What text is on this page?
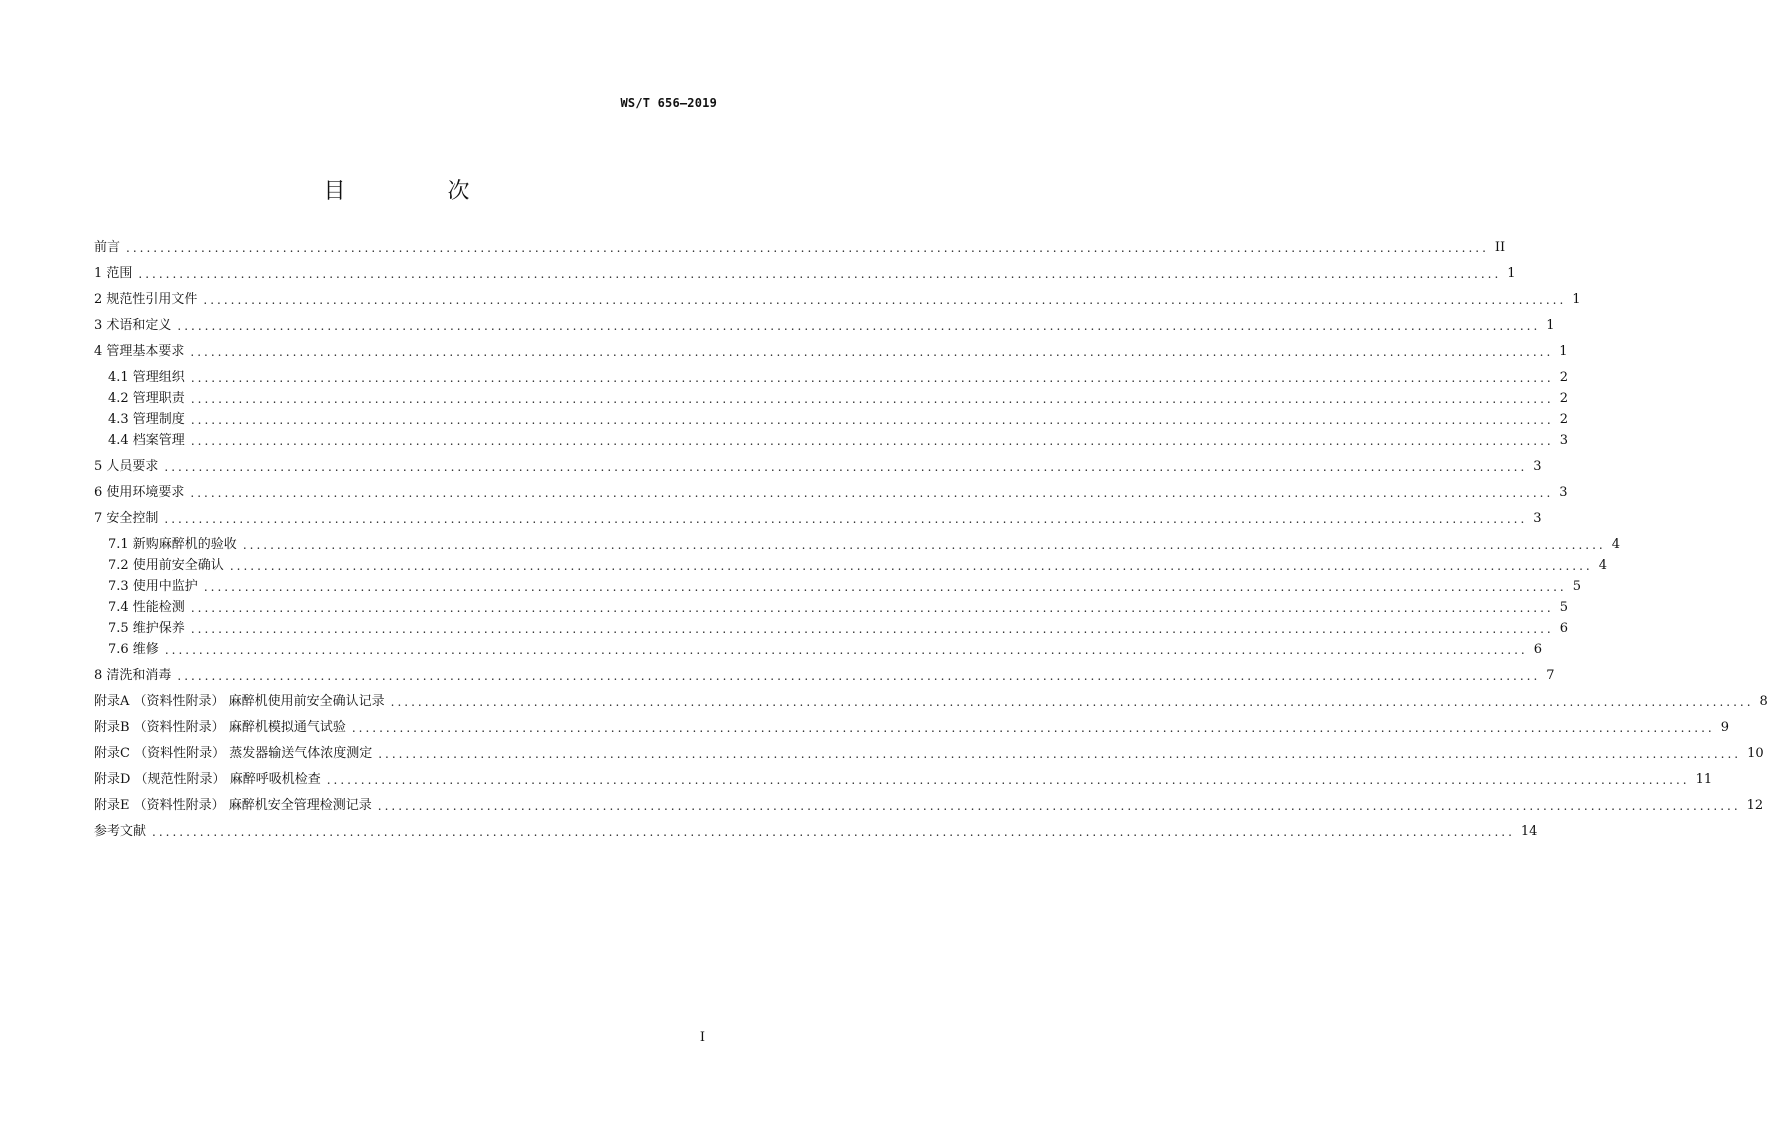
WS/T 656—2019
目　次
前言 ........................................................................................................................................................................................................ II
1 范围 ........................................................................................................................................................................................................ 1
2 规范性引用文件 ........................................................................................................................................................................................................ 1
3 术语和定义 ........................................................................................................................................................................................................ 1
4 管理基本要求 ........................................................................................................................................................................................................ 1
4.1 管理组织 ........................................................................................................................................................................................................ 2
4.2 管理职责 ........................................................................................................................................................................................................ 2
4.3 管理制度 ........................................................................................................................................................................................................ 2
4.4 档案管理 ........................................................................................................................................................................................................ 3
5 人员要求 ........................................................................................................................................................................................................ 3
6 使用环境要求 ........................................................................................................................................................................................................ 3
7 安全控制 ........................................................................................................................................................................................................ 3
7.1 新购麻醉机的验收 ........................................................................................................................................................................................................ 4
7.2 使用前安全确认 ........................................................................................................................................................................................................ 4
7.3 使用中监护 ........................................................................................................................................................................................................ 5
7.4 性能检测 ........................................................................................................................................................................................................ 5
7.5 维护保养 ........................................................................................................................................................................................................ 6
7.6 维修 ........................................................................................................................................................................................................ 6
8 清洗和消毒 ........................................................................................................................................................................................................ 7
附录A （资料性附录） 麻醉机使用前安全确认记录 ........................................................................................................................................................................................................ 8
附录B （资料性附录） 麻醉机模拟通气试验 ........................................................................................................................................................................................................ 9
附录C （资料性附录） 蒸发器输送气体浓度测定 ........................................................................................................................................................................................................ 10
附录D （规范性附录） 麻醉呼吸机检查 ........................................................................................................................................................................................................ 11
附录E （资料性附录） 麻醉机安全管理检测记录 ........................................................................................................................................................................................................ 12
参考文献 ........................................................................................................................................................................................................ 14
I
